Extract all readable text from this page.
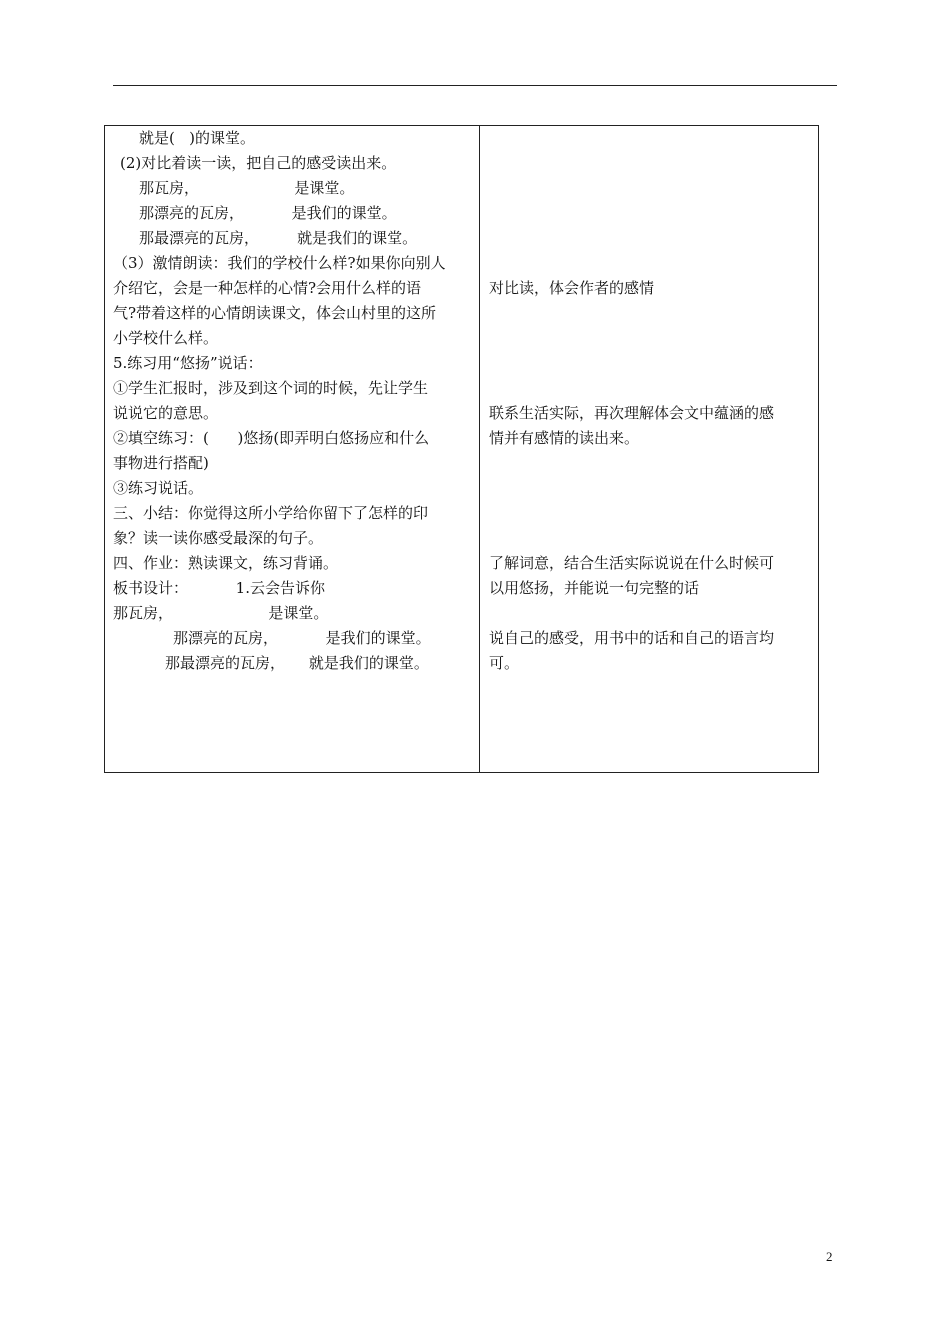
就是(   )的课堂。
(2)对比着读一读，把自己的感受读出来。
那瓦房，                    是课堂。
那漂亮的瓦房，          是我们的课堂。
那最漂亮的瓦房，        就是我们的课堂。
（3）激情朗读：我们的学校什么样?如果你向别人
介绍它，会是一种怎样的心情?会用什么样的语
气?带着这样的心情朗读课文，体会山村里的这所
小学校什么样。
5.练习用“悠扬”说话：
①学生汇报时，涉及到这个词的时候，先让学生
说说它的意思。
②填空练习：(      )悠扬(即弄明白悠扬应和什么
事物进行搭配)
③练习说话。
三、小结：你觉得这所小学给你留下了怎样的印
象？读一读你感受最深的句子。
四、作业：熟读课文，练习背诵。
板书设计：          1.云会告诉你
那瓦房，                    是课堂。
那漂亮的瓦房，          是我们的课堂。
那最漂亮的瓦房，     就是我们的课堂。
对比读，体会作者的感情
联系生活实际，再次理解体会文中蕴涵的感
情并有感情的读出来。
了解词意，结合生活实际说说在什么时候可
以用悠扬，并能说一句完整的话
说自己的感受，用书中的话和自己的语言均
可。
2
